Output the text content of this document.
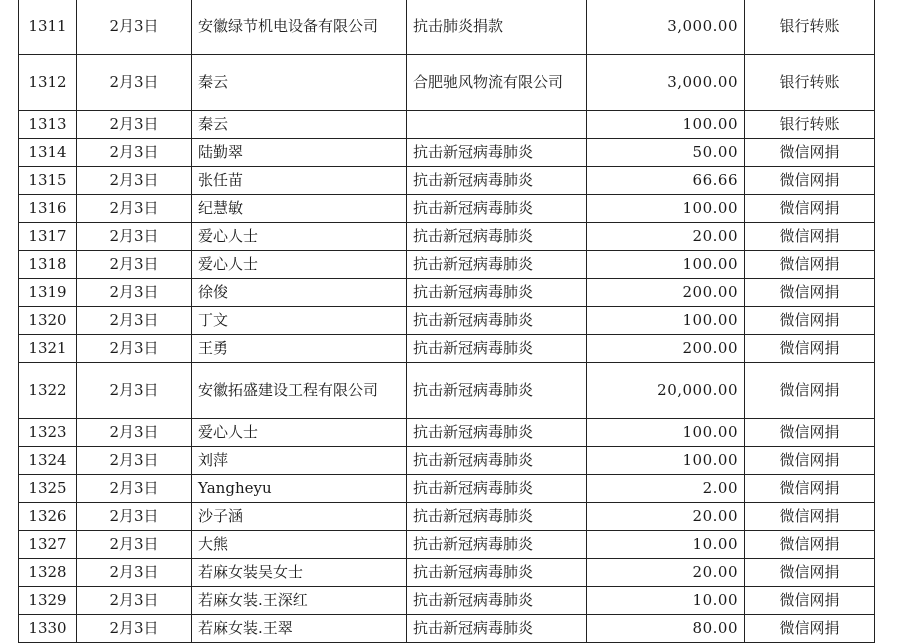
1311	2月3日	安徽绿节机电设备有限公司	抗击肺炎捐款	3,000.00	银行转账
1312	2月3日	秦云	合肥驰风物流有限公司	3,000.00	银行转账
1313	2月3日	秦云		100.00	银行转账
1314	2月3日	陆勤翠	抗击新冠病毒肺炎	50.00	微信网捐
1315	2月3日	张任苗	抗击新冠病毒肺炎	66.66	微信网捐
1316	2月3日	纪慧敏	抗击新冠病毒肺炎	100.00	微信网捐
1317	2月3日	爱心人士	抗击新冠病毒肺炎	20.00	微信网捐
1318	2月3日	爱心人士	抗击新冠病毒肺炎	100.00	微信网捐
1319	2月3日	徐俊	抗击新冠病毒肺炎	200.00	微信网捐
1320	2月3日	丁文	抗击新冠病毒肺炎	100.00	微信网捐
1321	2月3日	王勇	抗击新冠病毒肺炎	200.00	微信网捐
1322	2月3日	安徽拓盛建设工程有限公司	抗击新冠病毒肺炎	20,000.00	微信网捐
1323	2月3日	爱心人士	抗击新冠病毒肺炎	100.00	微信网捐
1324	2月3日	刘萍	抗击新冠病毒肺炎	100.00	微信网捐
1325	2月3日	Yangheyu	抗击新冠病毒肺炎	2.00	微信网捐
1326	2月3日	沙子涵	抗击新冠病毒肺炎	20.00	微信网捐
1327	2月3日	大熊	抗击新冠病毒肺炎	10.00	微信网捐
1328	2月3日	若麻女装吴女士	抗击新冠病毒肺炎	20.00	微信网捐
1329	2月3日	若麻女装.王深红	抗击新冠病毒肺炎	10.00	微信网捐
1330	2月3日	若麻女装.王翠	抗击新冠病毒肺炎	80.00	微信网捐
